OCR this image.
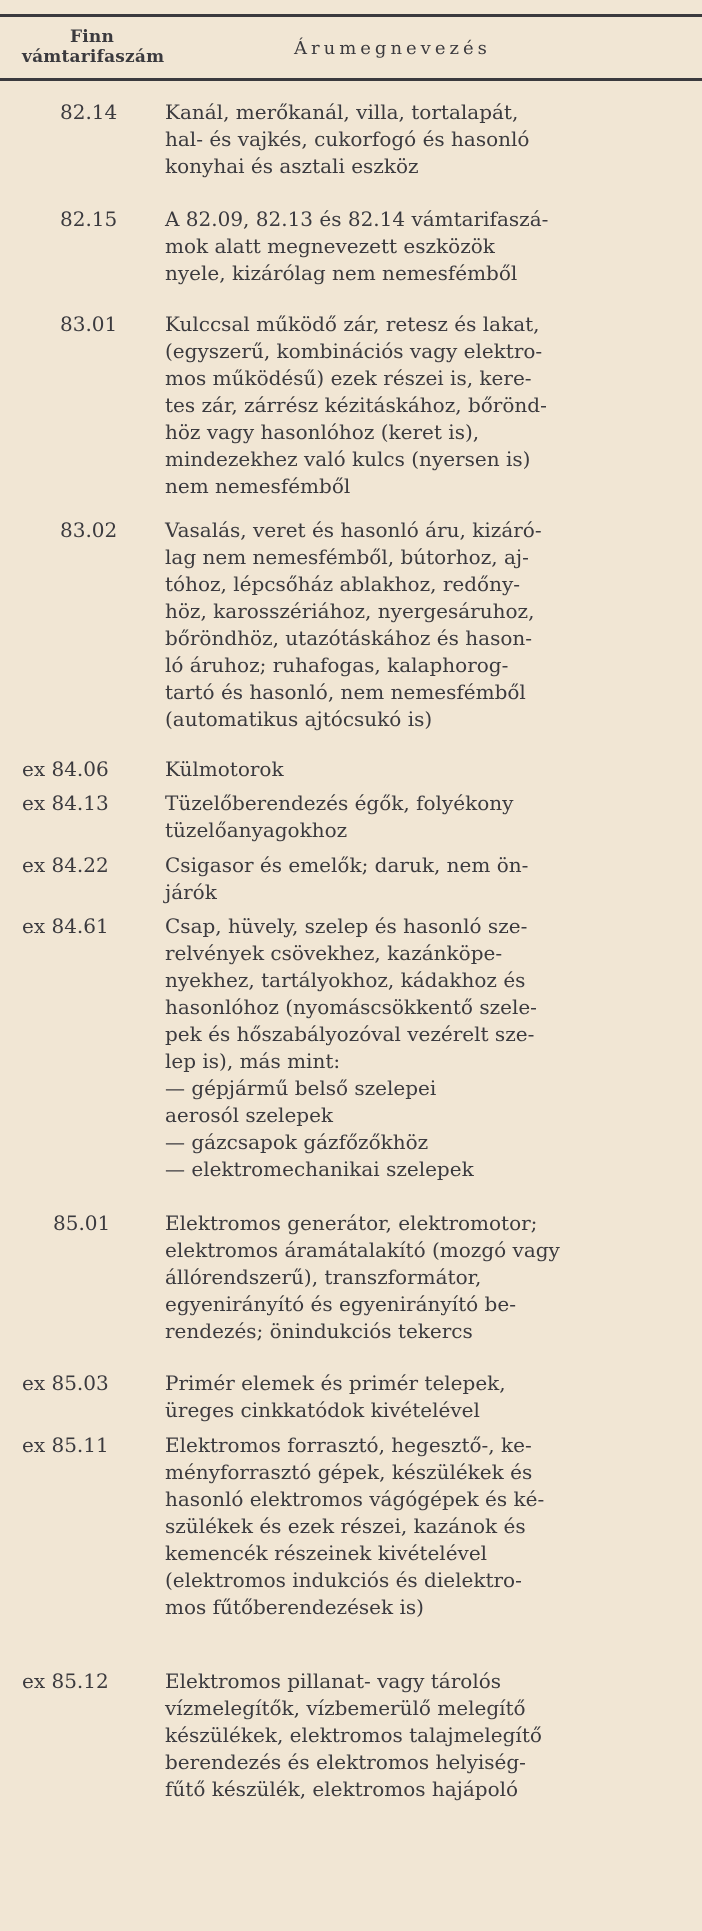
Finn
vámtarifaszám	Árumegnevezés
82.14 Kanál, merőkanál, villa, tortalapát,
hal- és vajkés, cukorfogó és hasonló
konyhai és asztali eszköz
82.15 A 82.09, 82.13 és 82.14 vámtarifaszá-
mok alatt megnevezett eszközök
nyele, kizárólag nem nemesfémből
83.01 Kulccsal működő zár, retesz és lakat,
(egyszerű, kombinációs vagy elektro-
mos működésű) ezek részei is, kere-
tes zár, zárrész kézitáskához, bőrönd-
höz vagy hasonlóhoz (keret is),
mindezekhez való kulcs (nyersen is)
nem nemesfémből
83.02 Vasalás, veret és hasonló áru, kizáró-
lag nem nemesfémből, bútorhoz, aj-
tóhoz, lépcsőház ablakhoz, redőny-
höz, karosszériához, nyergesáruhoz,
bőröndhöz, utazótáskához és hason-
ló áruhoz; ruhafogas, kalaphorog-
tartó és hasonló, nem nemesfémből
(automatikus ajtócsukó is)
ex 84.06	Külmotorok
ex 84.13	Tüzelőberendezés égők, folyékony
tüzelőanyagokhoz
ex 84.22	Csigasor és emelők; daruk, nem ön-
járók
ex 84.61	Csap, hüvely, szelep és hasonló sze-
relvények csövekhez, kazánköpe-
nyekhez, tartályokhoz, kádakhoz és
hasonlóhoz (nyomáscsökkentő szele-
pek és hőszabályozóval vezérelt sze-
lep is), más mint:
— gépjármű belső szelepei
aerosól szelepek
— gázcsapok gázfőzőkhöz
— elektromechanikai szelepek
85.01	Elektromos generátor, elektromotor;
elektromos áramátalakító (mozgó vagy
állórendszerű), transzformátor,
egyenirányító és egyenirányító be-
rendezés; önindukciós tekercs
ex 85.03	Primér elemek és primér telepek,
üreges cinkkatódok kivételével
ex 85.11	Elektromos forrasztó, hegesztő-, ke-
ményforrasztó gépek, készülékek és
hasonló elektromos vágógépek és ké-
szülékek és ezek részei, kazánok és
kemencék részeinek kivételével
(elektromos indukciós és dielektro-
mos fűtőberendezések is)
ex 85.12	Elektromos pillanat- vagy tárolós
vízmelegítők, vízbemerülő melegítő
készülékek, elektromos talajmelegítő
berendezés és elektromos helyiség-
fűtő készülék, elektromos hajápoló
